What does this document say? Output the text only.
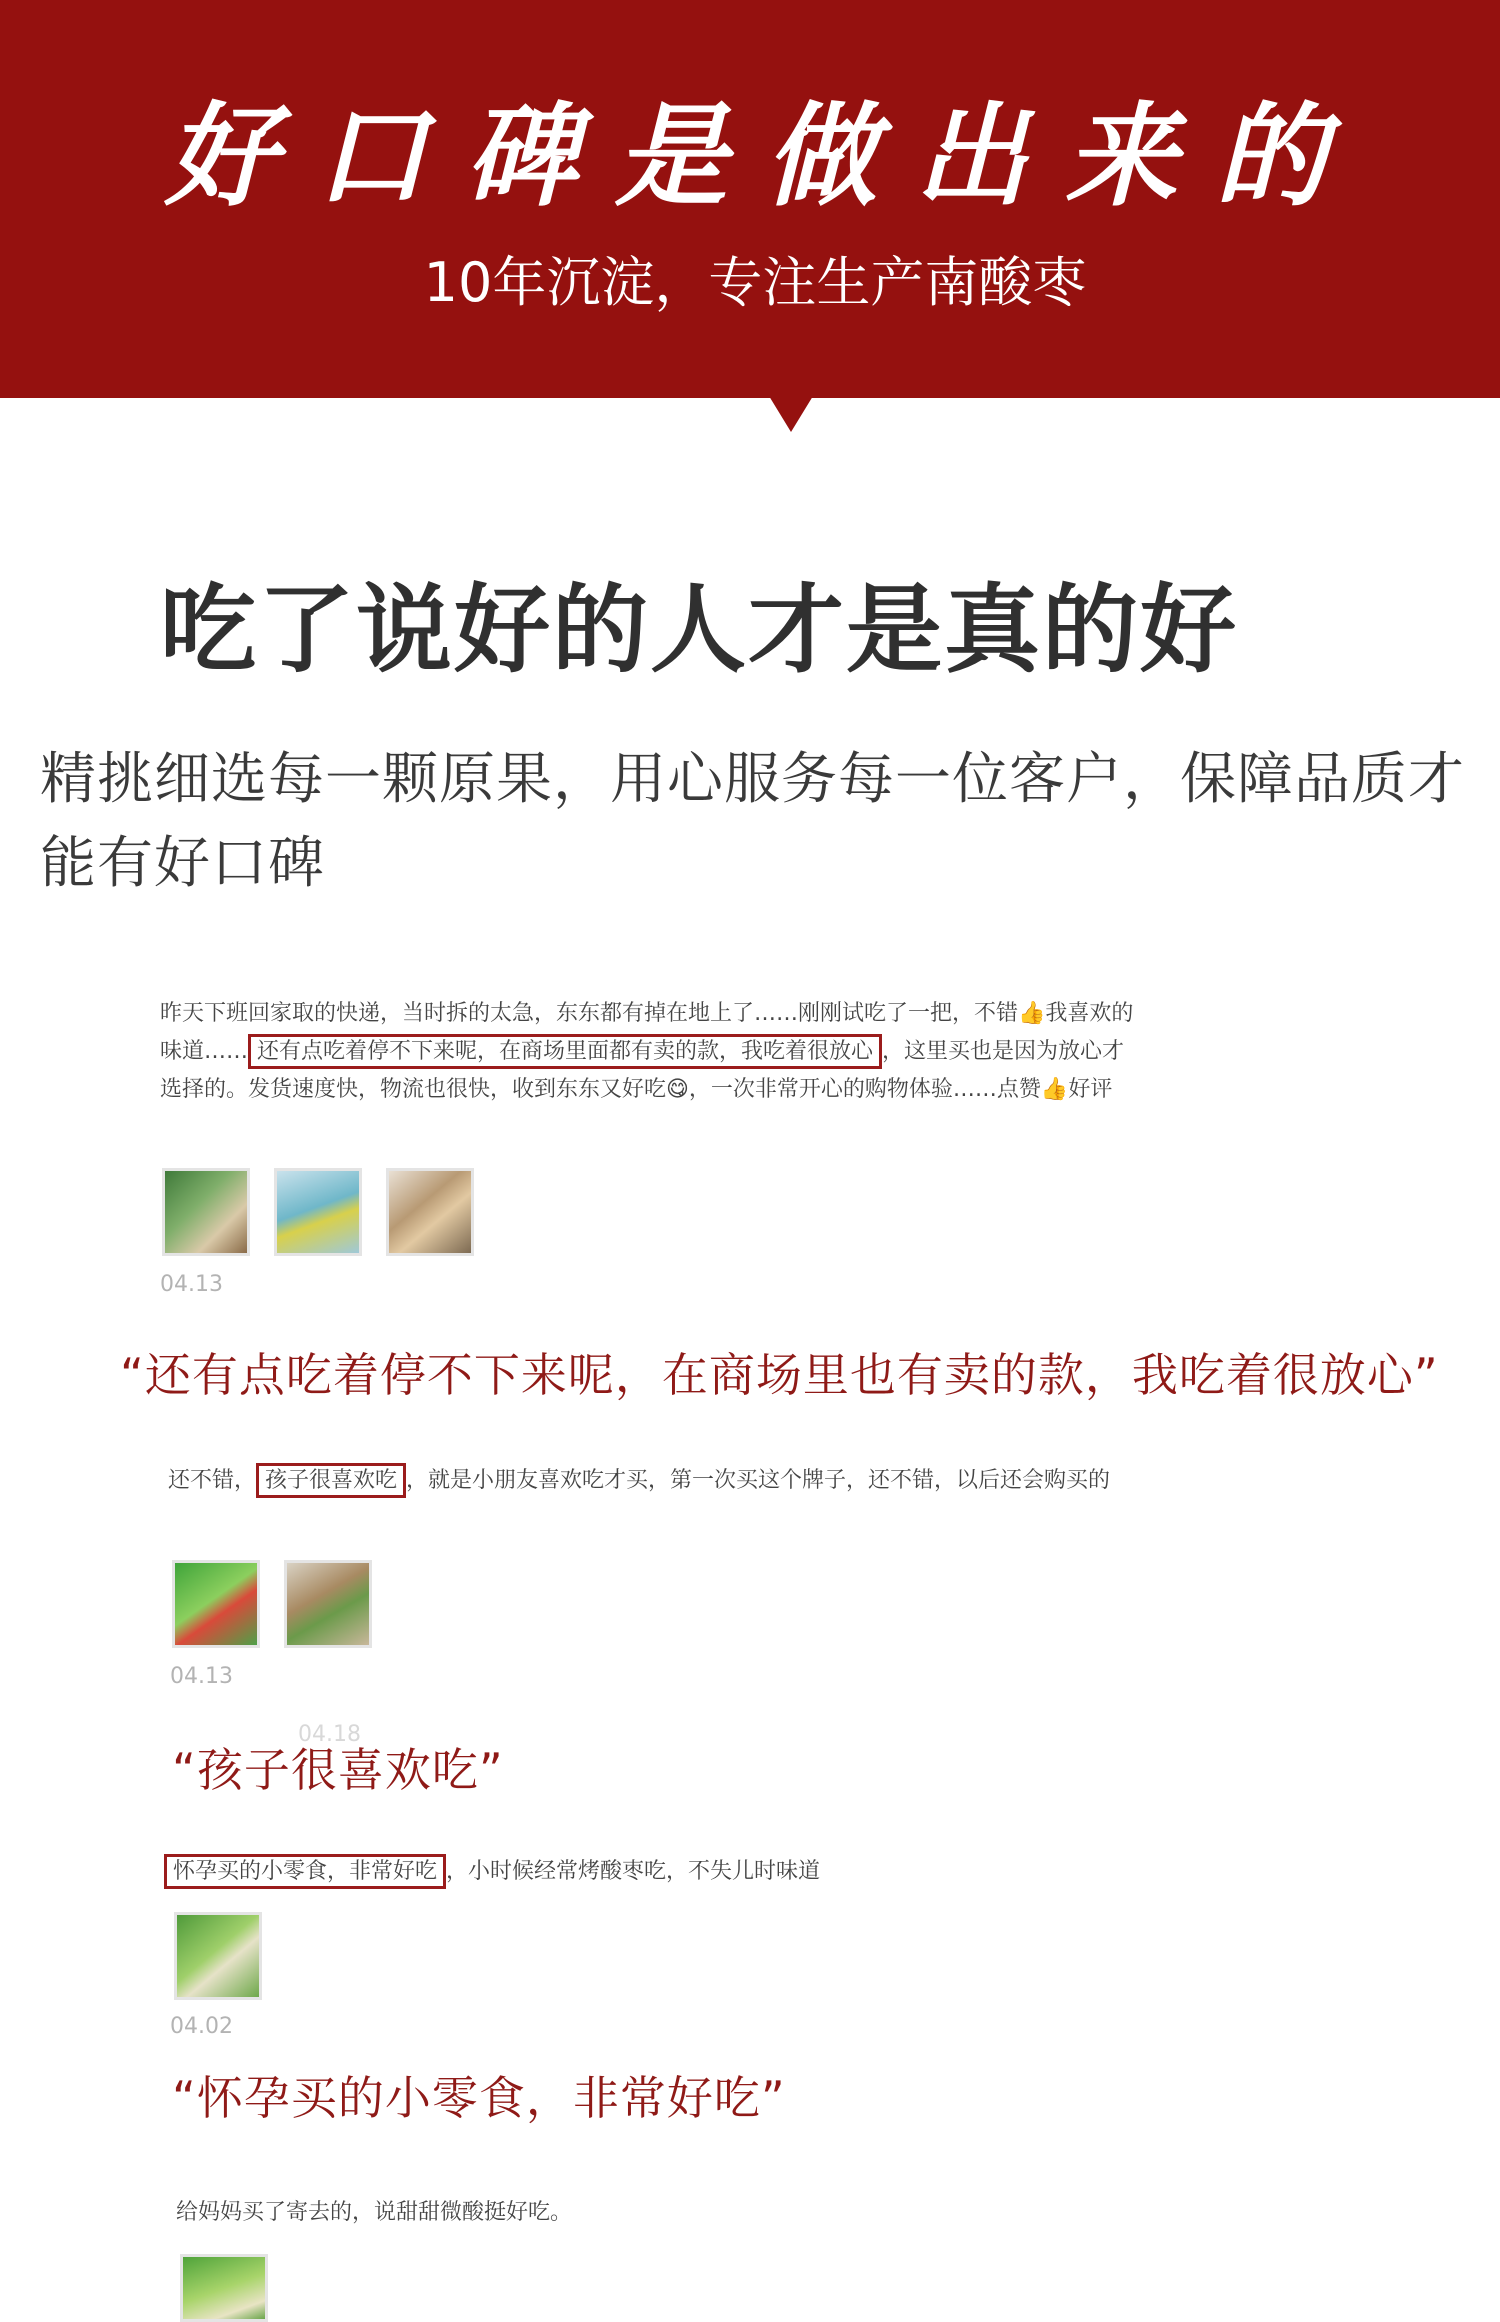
好口碑是做出来的
10年沉淀，专注生产南酸枣
吃了说好的人才是真的好
精挑细选每一颗原果，用心服务每一位客户，保障品质才能有好口碑
昨天下班回家取的快递，当时拆的太急，东东都有掉在地上了……刚刚试吃了一把，不错👍我喜欢的味道…… 还有点吃着停不下来呢，在商场里面都有卖的款，我吃着很放心 ，这里买也是因为放心才选择的。发货速度快，物流也很快，收到东东又好吃😋，一次非常开心的购物体验……点赞👍好评
04.13
“还有点吃着停不下来呢，在商场里也有卖的款，我吃着很放心”
还不错， 孩子很喜欢吃 ，就是小朋友喜欢吃才买，第一次买这个牌子，还不错，以后还会购买的
04.13
04.18
“孩子很喜欢吃”
怀孕买的小零食，非常好吃 ，小时候经常烤酸枣吃，不失儿时味道
04.02
“怀孕买的小零食，非常好吃”
给妈妈买了寄去的，说甜甜微酸挺好吃。
